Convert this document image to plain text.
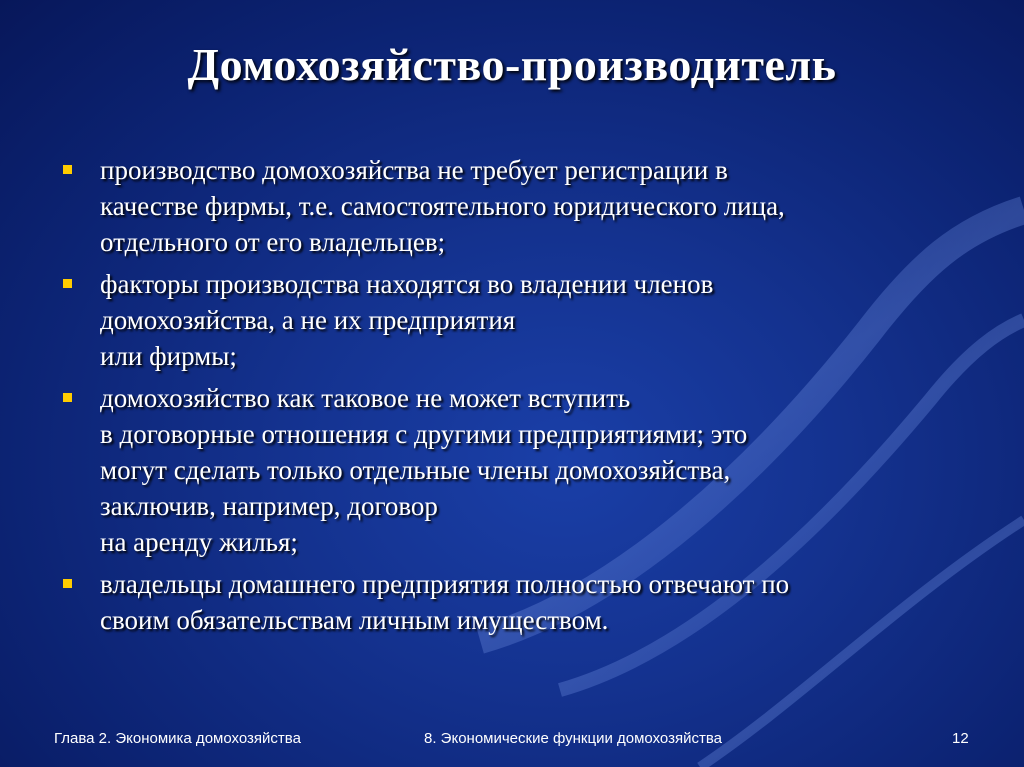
Домохозяйство-производитель
производство домохозяйства не требует регистрации в
качестве фирмы, т.е. самостоятельного юридического лица,
отдельного от его владельцев;
факторы производства находятся во владении членов
домохозяйства, а не их предприятия
или фирмы;
домохозяйство как таковое не может вступить
в договорные отношения с другими предприятиями; это
могут сделать только отдельные члены домохозяйства,
заключив, например, договор
на аренду жилья;
владельцы домашнего предприятия полностью отвечают по
своим обязательствам личным имуществом.
Глава 2. Экономика домохозяйства	8. Экономические функции домохозяйства	12
